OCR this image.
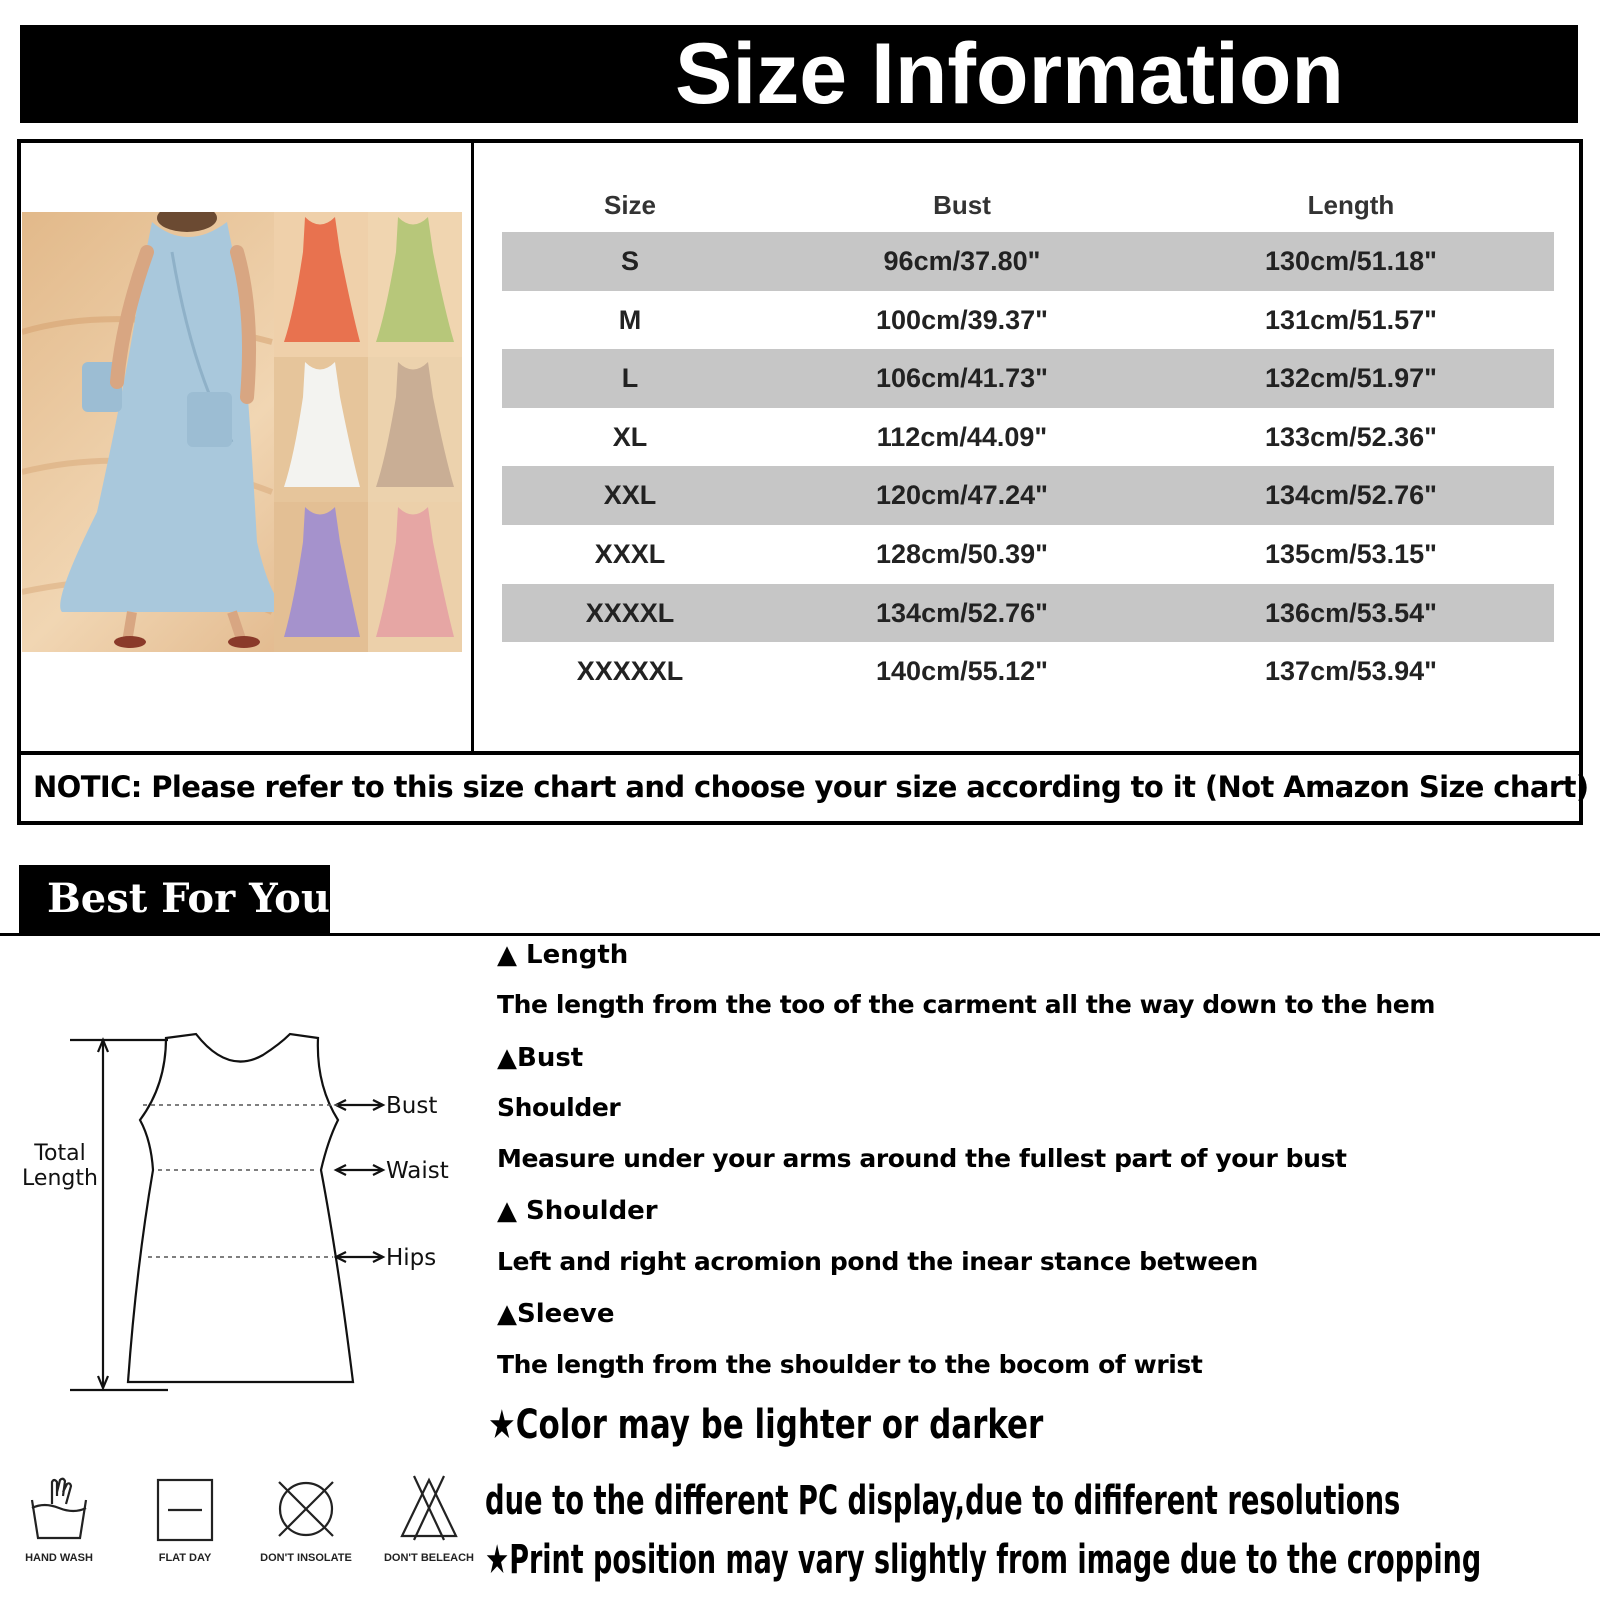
Size Information
Size	Bust	Length
S	96cm/37.80"	130cm/51.18"
M	100cm/39.37"	131cm/51.57"
L	106cm/41.73"	132cm/51.97"
XL	112cm/44.09"	133cm/52.36"
XXL	120cm/47.24"	134cm/52.76"
XXXL	128cm/50.39"	135cm/53.15"
XXXXL	134cm/52.76"	136cm/53.54"
XXXXXL	140cm/55.12"	137cm/53.94"
NOTIC: Please refer to this size chart and choose your size according to it (Not Amazon Size chart)
Best For You
Total
Length
Bust
Waist
Hips
HAND WASH	FLAT DAY	DON'T INSOLATE	DON'T BELEACH
▲ Length
The length from the too of the carment all the way down to the hem
▲Bust
Shoulder
Measure under your arms around the fullest part of your bust
▲ Shoulder
Left and right acromion pond the inear stance between
▲Sleeve
The length from the shoulder to the bocom of wrist
★Color may be lighter or darker
due to the different PC display,due to dififerent resolutions
★Print position may vary slightly from image due to the cropping
